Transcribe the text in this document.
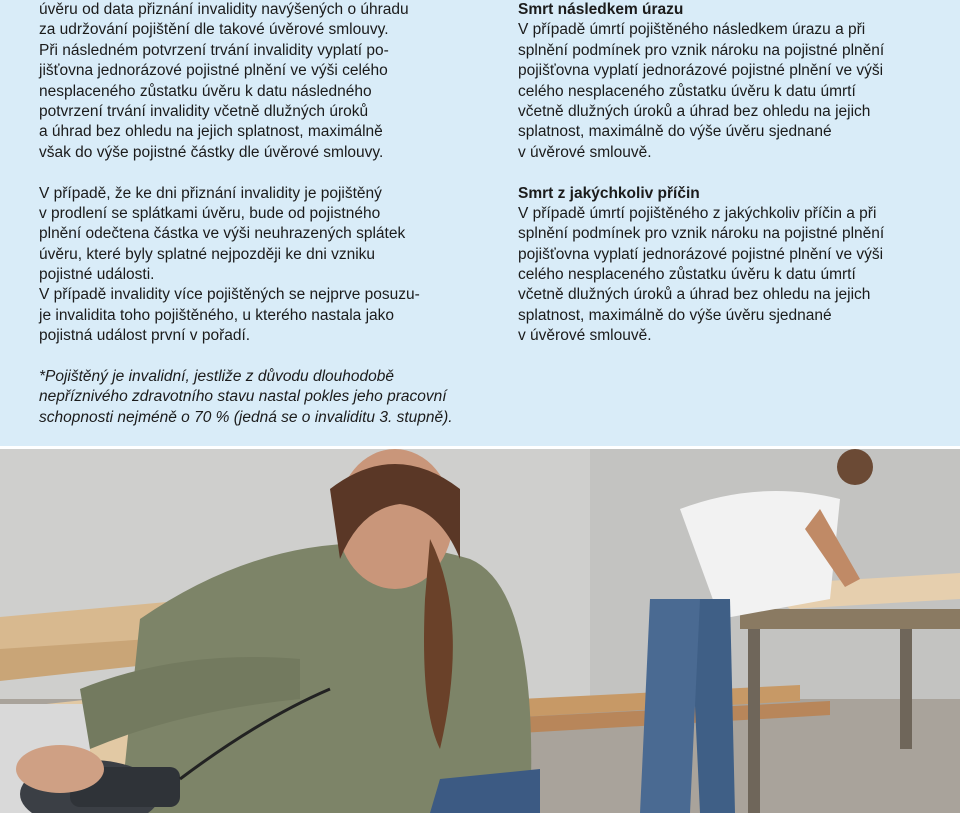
úvěru od data přiznání invalidity navýšených o úhradu
za udržování pojištění dle takové úvěrové smlouvy.
Při následném potvrzení trvání invalidity vyplatí po-
jišťovna jednorázové pojistné plnění ve výši celého
nesplaceného zůstatku úvěru k datu následného
potvrzení trvání invalidity včetně dlužných úroků
a úhrad bez ohledu na jejich splatnost, maximálně
však do výše pojistné částky dle úvěrové smlouvy.
V případě, že ke dni přiznání invalidity je pojištěný
v prodlení se splátkami úvěru, bude od pojistného
plnění odečtena částka ve výši neuhrazených splátek
úvěru, které byly splatné nejpozději ke dni vzniku
pojistné události.
V případě invalidity více pojištěných se nejprve posuzu-
je invalidita toho pojištěného, u kterého nastala jako
pojistná událost první v pořadí.
*Pojištěný je invalidní, jestliže z důvodu dlouhodobě
nepříznivého zdravotního stavu nastal pokles jeho pracovní
schopnosti nejméně o 70 % (jedná se o invaliditu 3. stupně).
Smrt následkem úrazu
V případě úmrtí pojištěného následkem úrazu a při
splnění podmínek pro vznik nároku na pojistné plnění
pojišťovna vyplatí jednorázové pojistné plnění ve výši
celého nesplaceného zůstatku úvěru k datu úmrtí
včetně dlužných úroků a úhrad bez ohledu na jejich
splatnost, maximálně do výše úvěru sjednané
v úvěrové smlouvě.
Smrt z jakýchkoliv příčin
V případě úmrtí pojištěného z jakýchkoliv příčin a při
splnění podmínek pro vznik nároku na pojistné plnění
pojišťovna vyplatí jednorázové pojistné plnění ve výši
celého nesplaceného zůstatku úvěru k datu úmrtí
včetně dlužných úroků a úhrad bez ohledu na jejich
splatnost, maximálně do výše úvěru sjednané
v úvěrové smlouvě.
